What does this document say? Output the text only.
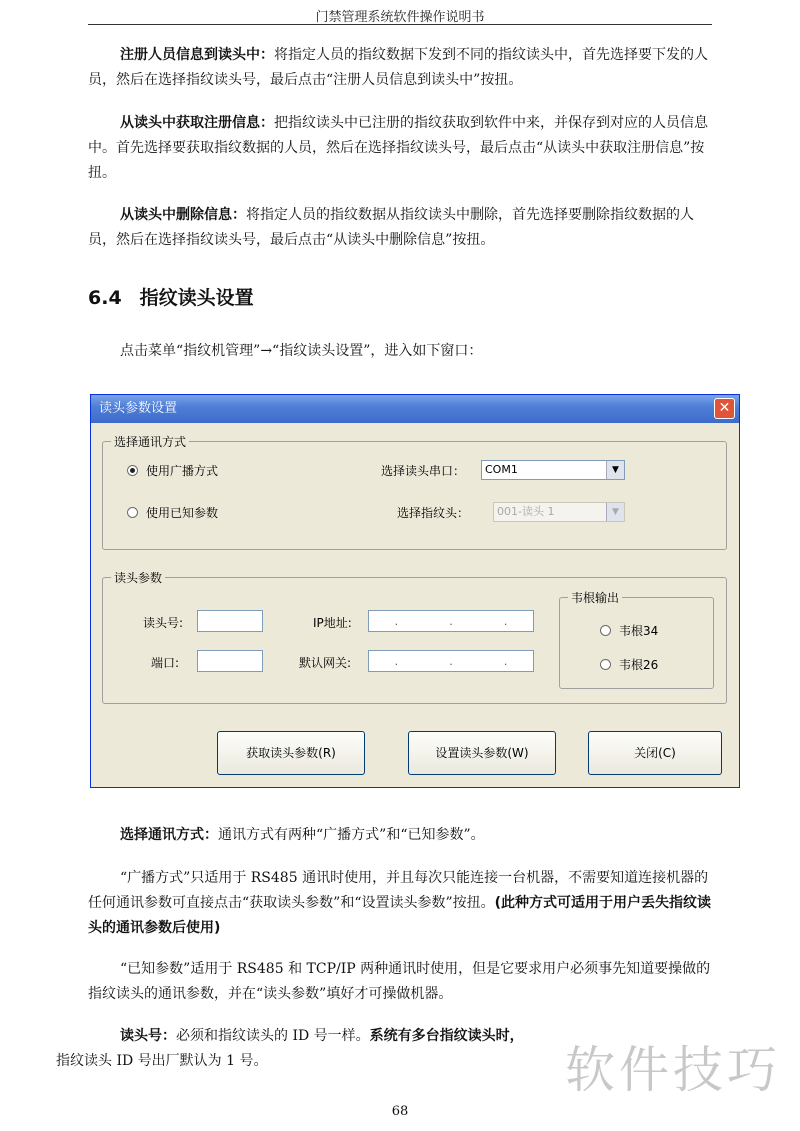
门禁管理系统软件操作说明书

注册人员信息到读头中：将指定人员的指纹数据下发到不同的指纹读头中，首先选择要下发的人员，然后在选择指纹读头号，最后点击“注册人员信息到读头中”按扭。

从读头中获取注册信息：把指纹读头中已注册的指纹获取到软件中来，并保存到对应的人员信息中。首先选择要获取指纹数据的人员，然后在选择指纹读头号，最后点击“从读头中获取注册信息”按扭。

从读头中删除信息：将指定人员的指纹数据从指纹读头中删除，首先选择要删除指纹数据的人员，然后在选择指纹读头号，最后点击“从读头中删除信息”按扭。

6.4 指纹读头设置

点击菜单“指纹机管理”→“指纹读头设置”，进入如下窗口：

读头参数设置	✕
选择通讯方式
使用广播方式
使用已知参数
选择读头串口：	COM1	▼
选择指纹头：	001-读头 1	▼
读头参数
读头号:
端口:
IP地址:	.	.	.
默认网关:	.	.	.
韦根输出
韦根34
韦根26
获取读头参数(R)	设置读头参数(W)	关闭(C)

选择通讯方式：通讯方式有两种“广播方式”和“已知参数”。

“广播方式”只适用于 RS485 通讯时使用，并且每次只能连接一台机器，不需要知道连接机器的任何通讯参数可直接点击“获取读头参数”和“设置读头参数”按扭。(此种方式可适用于用户丢失指纹读头的通讯参数后使用)

“已知参数”适用于 RS485 和 TCP/IP 两种通讯时使用，但是它要求用户必须事先知道要操做的指纹读头的通讯参数，并在“读头参数”填好才可操做机器。

读头号：必须和指纹读头的 ID 号一样。系统有多台指纹读头时，
指纹读头 ID 号出厂默认为 1 号。	软件技巧
68
